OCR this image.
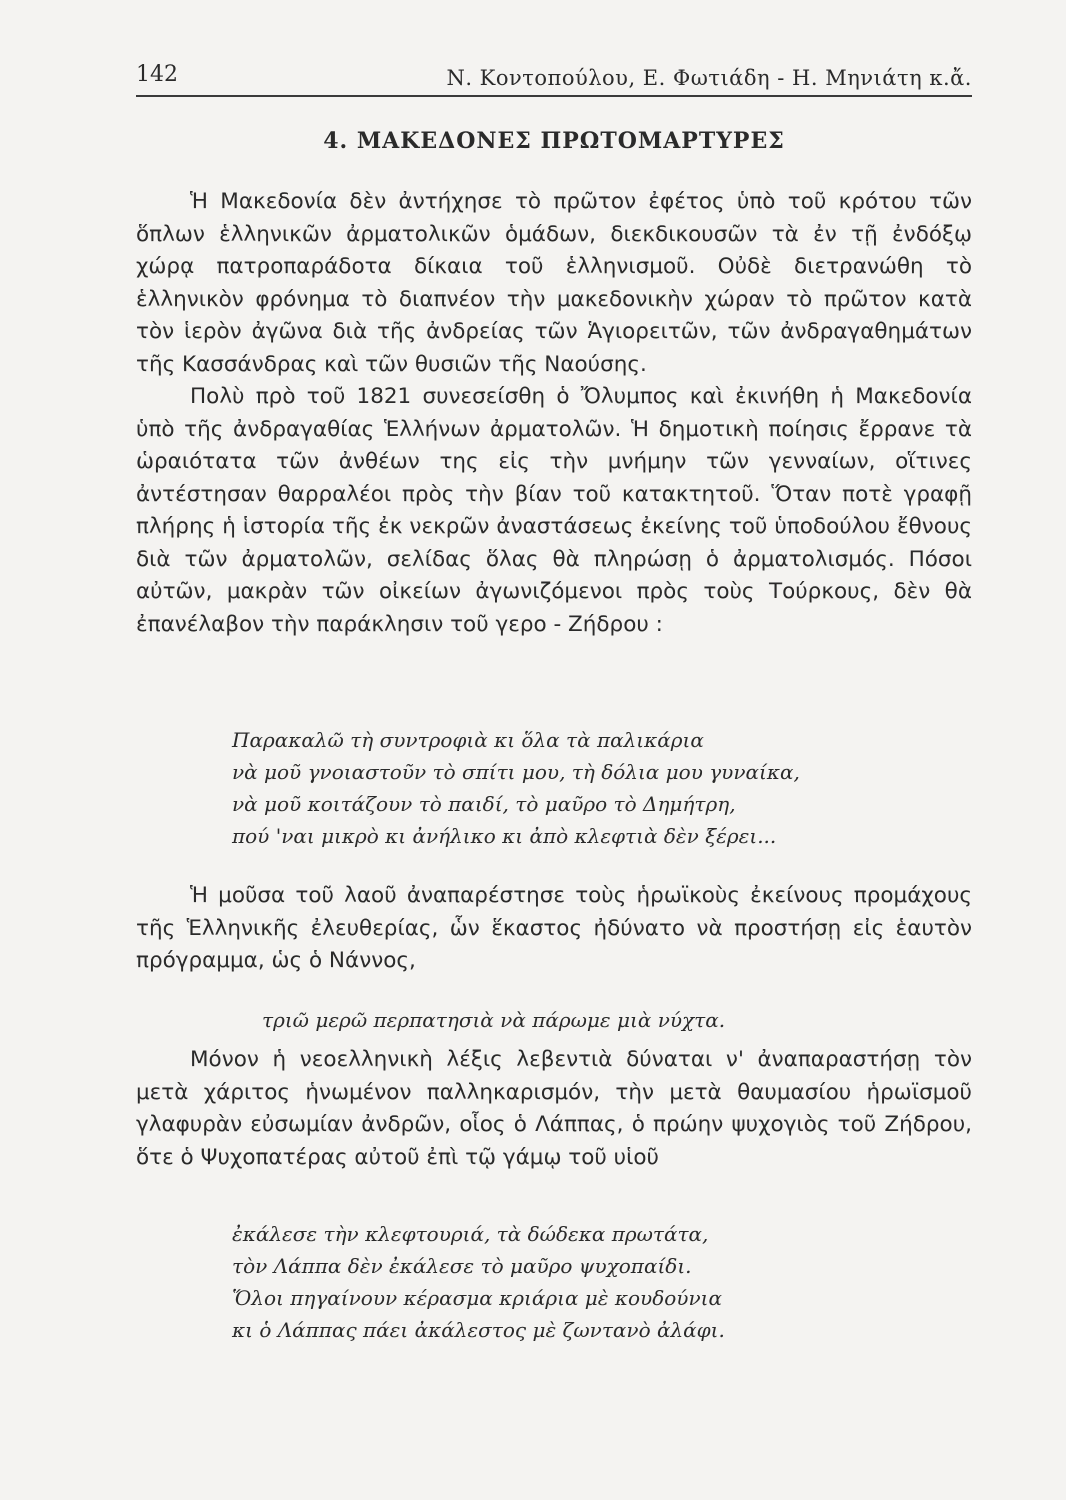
142	Ν. Κοντοπούλου, Ε. Φωτιάδη - Η. Μηνιάτη κ.ἄ.
4. ΜΑΚΕΔΟΝΕΣ ΠΡΩΤΟΜΑΡΤΥΡΕΣ

Ἡ Μακεδονία δὲν ἀντήχησε τὸ πρῶτον ἐφέτος ὑπὸ τοῦ κρότου τῶν ὅπλων ἑλληνικῶν ἀρματολικῶν ὁμάδων, διεκδικουσῶν τὰ ἐν τῇ ἐνδόξῳ χώρᾳ πατροπαράδοτα δίκαια τοῦ ἑλληνισμοῦ. Οὐδὲ διετρανώθη τὸ ἑλληνικὸν φρόνημα τὸ διαπνέον τὴν μακεδονικὴν χώραν τὸ πρῶτον κατὰ τὸν ἱερὸν ἀγῶνα διὰ τῆς ἀνδρείας τῶν Ἁγιορειτῶν, τῶν ἀνδραγαθημάτων τῆς Κασσάνδρας καὶ τῶν θυσιῶν τῆς Ναούσης.

Πολὺ πρὸ τοῦ 1821 συνεσείσθη ὁ Ὄλυμπος καὶ ἐκινήθη ἡ Μακεδονία ὑπὸ τῆς ἀνδραγαθίας Ἑλλήνων ἀρματολῶν. Ἡ δημοτικὴ ποίησις ἔρρανε τὰ ὡραιότατα τῶν ἀνθέων της εἰς τὴν μνήμην τῶν γενναίων, οἵτινες ἀντέστησαν θαρραλέοι πρὸς τὴν βίαν τοῦ κατακτητοῦ. Ὅταν ποτὲ γραφῇ πλήρης ἡ ἱστορία τῆς ἐκ νεκρῶν ἀναστάσεως ἐκείνης τοῦ ὑποδούλου ἔθνους διὰ τῶν ἀρματολῶν, σελίδας ὅλας θὰ πληρώσῃ ὁ ἀρματολισμός. Πόσοι αὐτῶν, μακρὰν τῶν οἰκείων ἀγωνιζόμενοι πρὸς τοὺς Τούρκους, δὲν θὰ ἐπανέλαβον τὴν παράκλησιν τοῦ γερο - Ζήδρου :

Παρακαλῶ τὴ συντροφιὰ κι ὅλα τὰ παλικάρια
νὰ μοῦ γνοιαστοῦν τὸ σπίτι μου, τὴ δόλια μου γυναίκα,
νὰ μοῦ κοιτάζουν τὸ παιδί, τὸ μαῦρο τὸ Δημήτρη,
πού 'ναι μικρὸ κι ἀνήλικο κι ἀπὸ κλεφτιὰ δὲν ξέρει...

Ἡ μοῦσα τοῦ λαοῦ ἀναπαρέστησε τοὺς ἡρωϊκοὺς ἐκείνους προμάχους τῆς Ἑλληνικῆς ἐλευθερίας, ὧν ἕκαστος ἠδύνατο νὰ προστήσῃ εἰς ἑαυτὸν πρόγραμμα, ὡς ὁ Νάννος,

τριῶ μερῶ περπατησιὰ νὰ πάρωμε μιὰ νύχτα.

Μόνον ἡ νεοελληνικὴ λέξις λεβεντιὰ δύναται ν' ἀναπαραστήσῃ τὸν μετὰ χάριτος ἡνωμένον παλληκαρισμόν, τὴν μετὰ θαυμασίου ἡρωϊσμοῦ γλαφυρὰν εὐσωμίαν ἀνδρῶν, οἷος ὁ Λάππας, ὁ πρώην ψυχογιὸς τοῦ Ζήδρου, ὅτε ὁ Ψυχοπατέρας αὐτοῦ ἐπὶ τῷ γάμῳ τοῦ υἱοῦ

ἐκάλεσε τὴν κλεφτουριά, τὰ δώδεκα πρωτάτα,
τὸν Λάππα δὲν ἐκάλεσε τὸ μαῦρο ψυχοπαίδι.
Ὅλοι πηγαίνουν κέρασμα κριάρια μὲ κουδούνια
κι ὁ Λάππας πάει ἀκάλεστος μὲ ζωντανὸ ἀλάφι.
